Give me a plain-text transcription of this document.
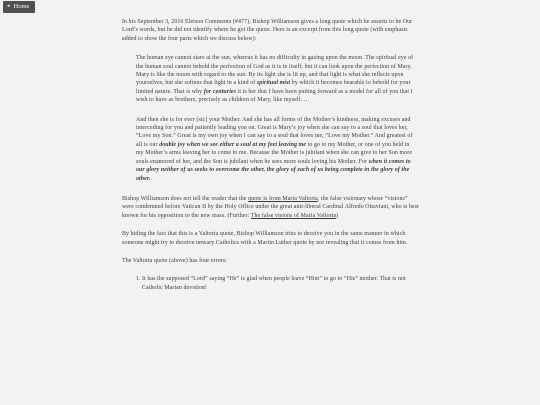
◂ Home

In his September 3, 2016 Eleison Comments (#477), Bishop Williamson gives a long quote which he asserts to be Our Lord’s words, but he did not identify where he got the quote. Here is an excerpt from this long quote (with emphasis added to show the four parts which we discuss below):

The human eye cannot stare at the sun, whereas it has no difficulty in gazing upon the moon. The spiritual eye of the human soul cannot behold the perfection of God as it is in itself, but it can look upon the perfection of Mary. Mary is like the moon with regard to the sun. By its light she is lit up, and that light is what she reflects upon yourselves, but she softens that light in a kind of spiritual mist by which it becomes bearable to behold for your limited nature. That is why for centuries it is her that I have been putting forward as a model for all of you that I wish to have as brothers, precisely as children of Mary, like myself. …

And then she is for ever [sic] your Mother. And she has all forms of the Mother’s kindness, making excuses and interceding for you and patiently leading you on. Great is Mary’s joy when she can say to a soul that loves her, “Love my Son.” Great is my own joy when I can say to a soul that loves me, “Love my Mother.” And greatest of all is our double joy when we see either a soul at my feet leaving me to go to my Mother, or one of you held in my Mother’s arms leaving her to come to me. Because the Mother is jubilant when she can give to her Son more souls enamored of her, and the Son is jubilant when he sees more souls loving his Mother. For when it comes to our glory neither of us seeks to overcome the other, the glory of each of us being complete in the glory of the other.

Bishop Williamson does not tell the reader that the quote is from Maria Valtorta, the false visionary whose “visions” were condemned before Vatican II by the Holy Office under the great anti-liberal Cardinal Alfredo Ottaviani, who is best known for his opposition to the new mass. (Further: The false visions of Maria Valtorta)

By hiding the fact that this is a Valtorta quote, Bishop Williamson tries to deceive you in the same manner in which someone might try to deceive unwary Catholics with a Martin Luther quote by not revealing that it comes from him.

The Valtorta quote (above) has four errors:

1. It has the supposed “Lord” saying “He” is glad when people leave “Him” to go to “His” mother. That is not Catholic Marian devotion!
